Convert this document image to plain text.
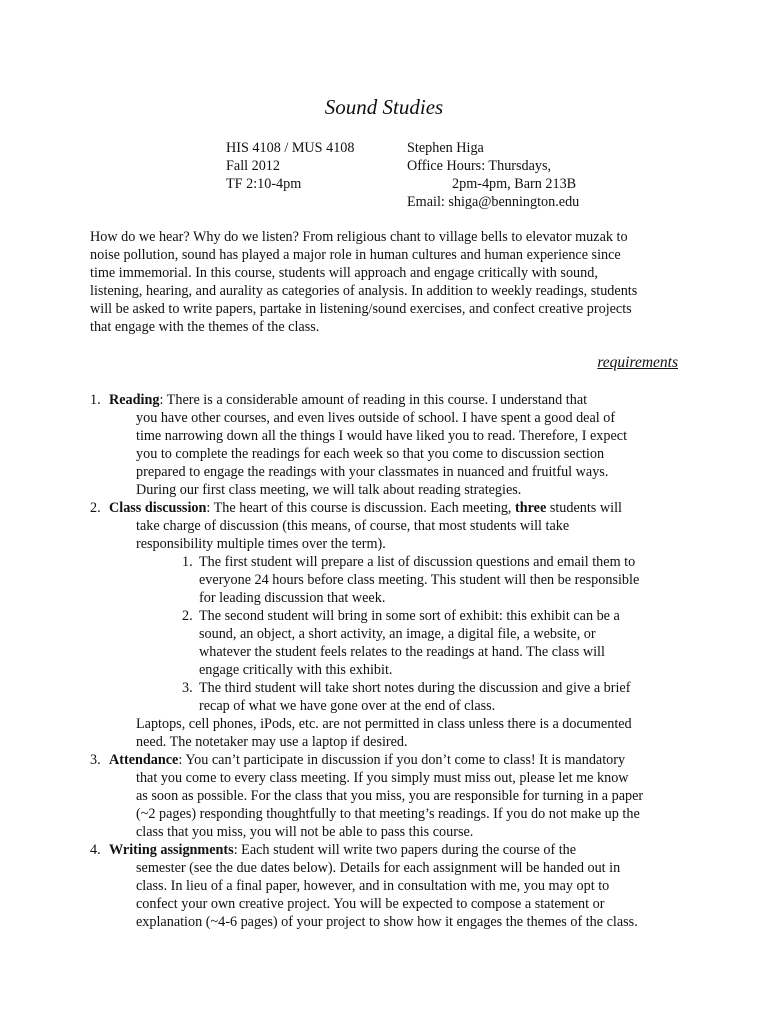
Sound Studies
HIS 4108 / MUS 4108
Fall 2012
TF 2:10-4pm
Stephen Higa
Office Hours: Thursdays,
2pm-4pm, Barn 213B
Email: shiga@bennington.edu

How do we hear? Why do we listen? From religious chant to village bells to elevator muzak to
noise pollution, sound has played a major role in human cultures and human experience since
time immemorial. In this course, students will approach and engage critically with sound,
listening, hearing, and aurality as categories of analysis. In addition to weekly readings, students
will be asked to write papers, partake in listening/sound exercises, and confect creative projects
that engage with the themes of the class.

requirements
1. Reading: There is a considerable amount of reading in this course. I understand that
you have other courses, and even lives outside of school. I have spent a good deal of
time narrowing down all the things I would have liked you to read. Therefore, I expect
you to complete the readings for each week so that you come to discussion section
prepared to engage the readings with your classmates in nuanced and fruitful ways.
During our first class meeting, we will talk about reading strategies.
2. Class discussion: The heart of this course is discussion. Each meeting, three students will
take charge of discussion (this means, of course, that most students will take
responsibility multiple times over the term).
1. The first student will prepare a list of discussion questions and email them to
everyone 24 hours before class meeting. This student will then be responsible
for leading discussion that week.
2. The second student will bring in some sort of exhibit: this exhibit can be a
sound, an object, a short activity, an image, a digital file, a website, or
whatever the student feels relates to the readings at hand. The class will
engage critically with this exhibit.
3. The third student will take short notes during the discussion and give a brief
recap of what we have gone over at the end of class.
Laptops, cell phones, iPods, etc. are not permitted in class unless there is a documented
need. The notetaker may use a laptop if desired.
3. Attendance: You can’t participate in discussion if you don’t come to class! It is mandatory
that you come to every class meeting. If you simply must miss out, please let me know
as soon as possible. For the class that you miss, you are responsible for turning in a paper
(~2 pages) responding thoughtfully to that meeting’s readings. If you do not make up the
class that you miss, you will not be able to pass this course.
4. Writing assignments: Each student will write two papers during the course of the
semester (see the due dates below). Details for each assignment will be handed out in
class. In lieu of a final paper, however, and in consultation with me, you may opt to
confect your own creative project. You will be expected to compose a statement or
explanation (~4-6 pages) of your project to show how it engages the themes of the class.
